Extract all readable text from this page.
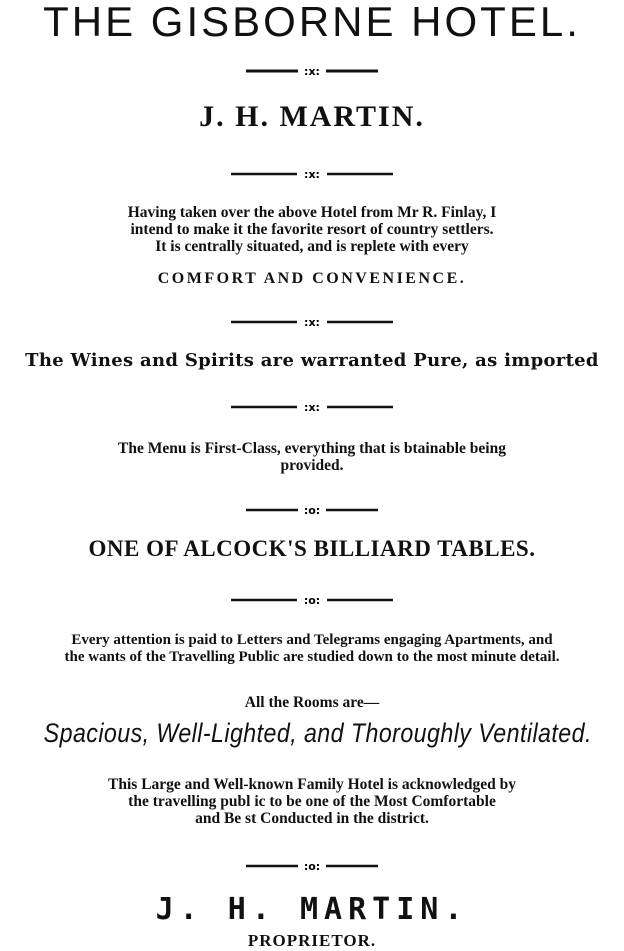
THE GISBORNE HOTEL.
:x:
J. H. MARTIN.
:x:
Having taken over the above Hotel from Mr R. Finlay, I
intend to make it the favorite resort of country settlers.
It is centrally situated, and is replete with every
COMFORT AND CONVENIENCE.
:x:
The Wines and Spirits are warranted Pure, as imported
:x:
The Menu is First-Class, everything that is btainable being
provided.
:o:
ONE OF ALCOCK'S BILLIARD TABLES.
:o:
Every attention is paid to Letters and Telegrams engaging Apartments, and
the wants of the Travelling Public are studied down to the most minute detail.
All the Rooms are—
Spacious, Well-Lighted, and Thoroughly Ventilated.
This Large and Well-known Family Hotel is acknowledged by
the travelling publ ic to be one of the Most Comfortable
and Be st Conducted in the district.
:o:
J. H. MARTIN.
PROPRIETOR.
